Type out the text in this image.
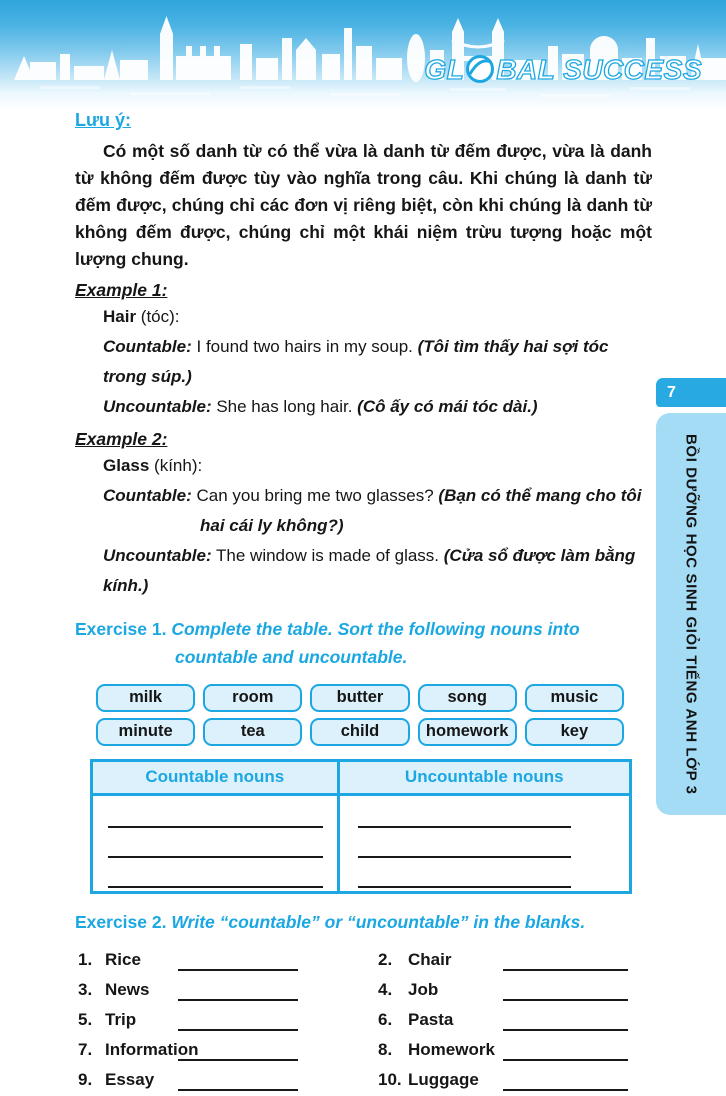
GL BAL SUCCESS
Lưu ý:
Có một số danh từ có thể vừa là danh từ đếm được, vừa là danh từ không đếm được tùy vào nghĩa trong câu. Khi chúng là danh từ đếm được, chúng chỉ các đơn vị riêng biệt, còn khi chúng là danh từ không đếm được, chúng chỉ một khái niệm trừu tượng hoặc một lượng chung.
Example 1:
Hair (tóc):
Countable: I found two hairs in my soup. (Tôi tìm thấy hai sợi tóc trong súp.)
Uncountable: She has long hair. (Cô ấy có mái tóc dài.)
Example 2:
Glass (kính):
Countable: Can you bring me two glasses? (Bạn có thể mang cho tôi hai cái ly không?)
Uncountable: The window is made of glass. (Cửa sổ được làm bằng kính.)
Exercise 1. Complete the table. Sort the following nouns into countable and uncountable.
milk	room	butter	song	music
minute	tea	child	homework	key
Countable nouns	Uncountable nouns
Exercise 2. Write “countable” or “uncountable” in the blanks.
1. Rice	2. Chair
3. News	4. Job
5. Trip	6. Pasta
7. Information	8. Homework
9. Essay	10. Luggage
7
BỒI DƯỠNG HỌC SINH GIỎI TIẾNG ANH LỚP 3
